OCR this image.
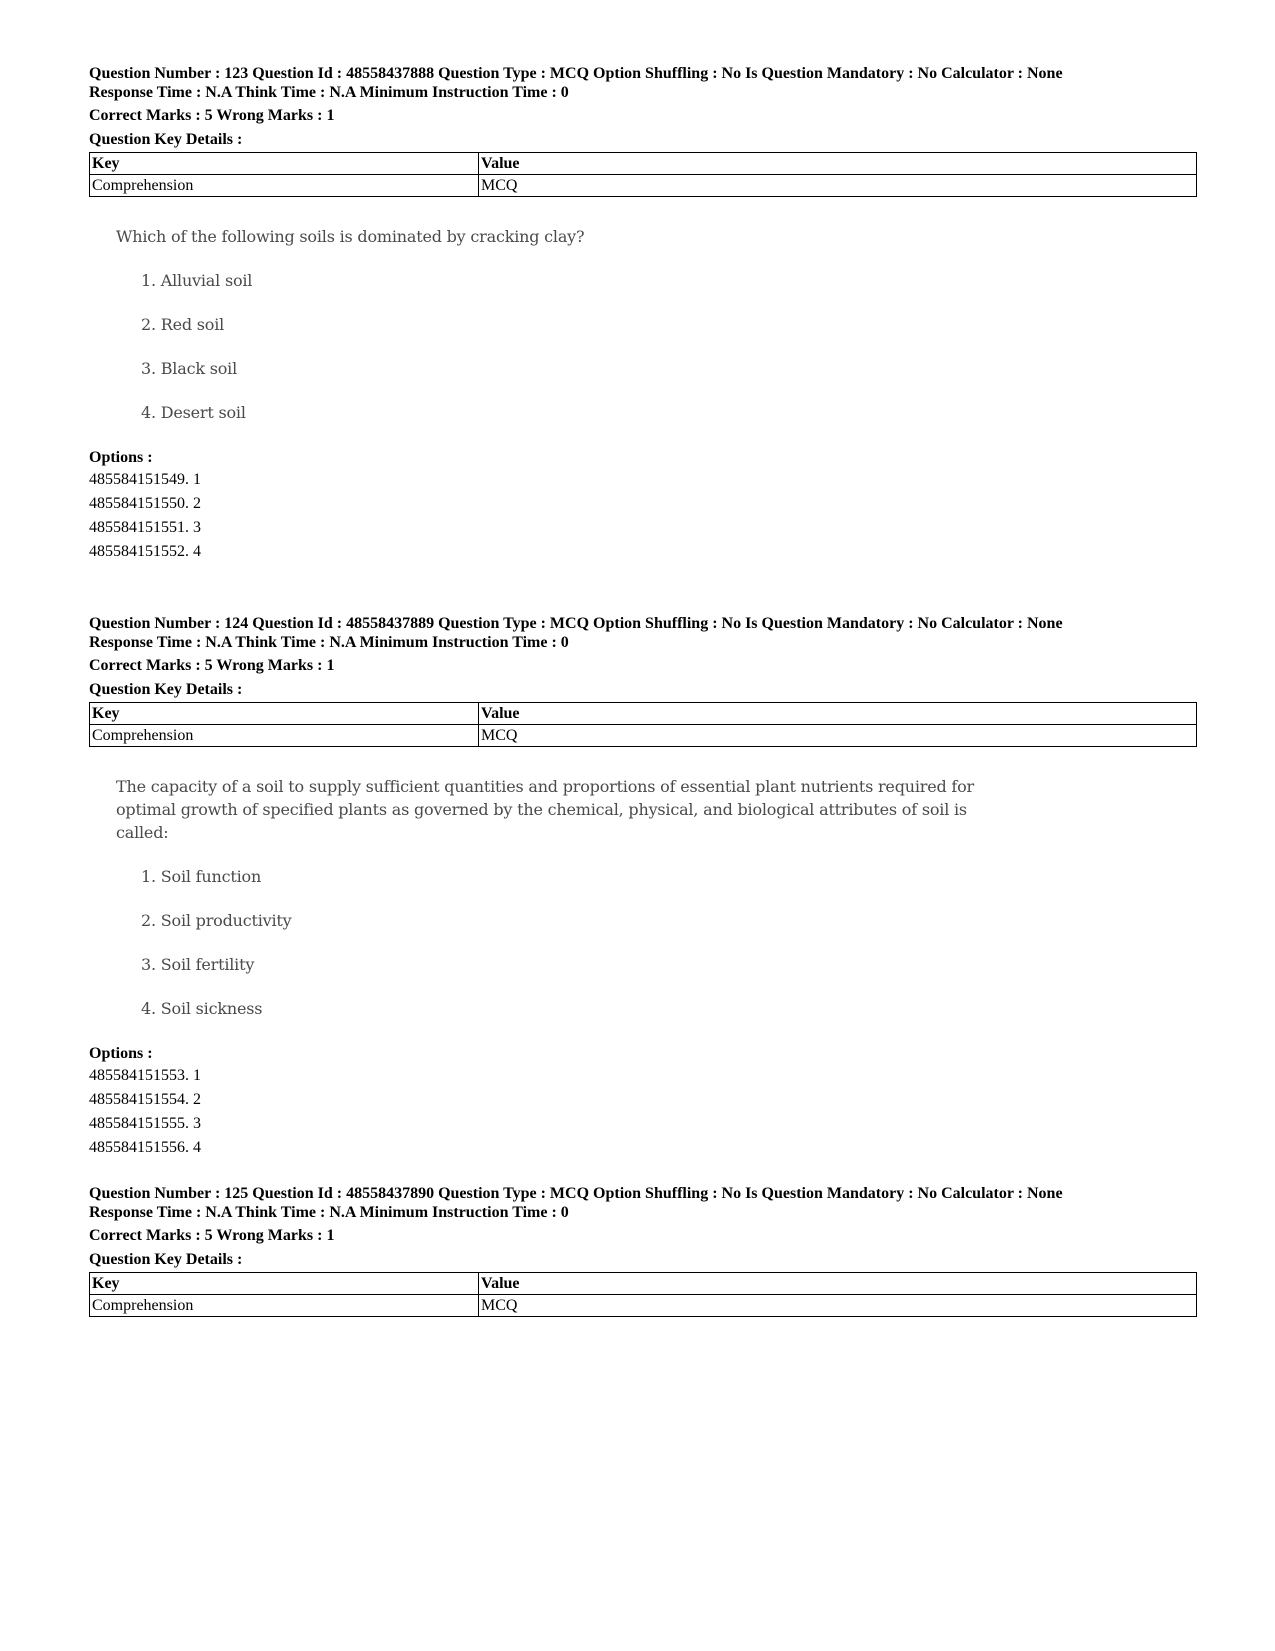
Question Number : 123 Question Id : 48558437888 Question Type : MCQ Option Shuffling : No Is Question Mandatory : No Calculator : None
Response Time : N.A Think Time : N.A Minimum Instruction Time : 0
Correct Marks : 5 Wrong Marks : 1
Question Key Details :
Key	Value
Comprehension	MCQ
Which of the following soils is dominated by cracking clay?
1. Alluvial soil
2. Red soil
3. Black soil
4. Desert soil
Options :
485584151549. 1
485584151550. 2
485584151551. 3
485584151552. 4
Question Number : 124 Question Id : 48558437889 Question Type : MCQ Option Shuffling : No Is Question Mandatory : No Calculator : None
Response Time : N.A Think Time : N.A Minimum Instruction Time : 0
Correct Marks : 5 Wrong Marks : 1
Question Key Details :
Key	Value
Comprehension	MCQ
The capacity of a soil to supply sufficient quantities and proportions of essential plant nutrients required for optimal growth of specified plants as governed by the chemical, physical, and biological attributes of soil is called:
1. Soil function
2. Soil productivity
3. Soil fertility
4. Soil sickness
Options :
485584151553. 1
485584151554. 2
485584151555. 3
485584151556. 4
Question Number : 125 Question Id : 48558437890 Question Type : MCQ Option Shuffling : No Is Question Mandatory : No Calculator : None
Response Time : N.A Think Time : N.A Minimum Instruction Time : 0
Correct Marks : 5 Wrong Marks : 1
Question Key Details :
Key	Value
Comprehension	MCQ
